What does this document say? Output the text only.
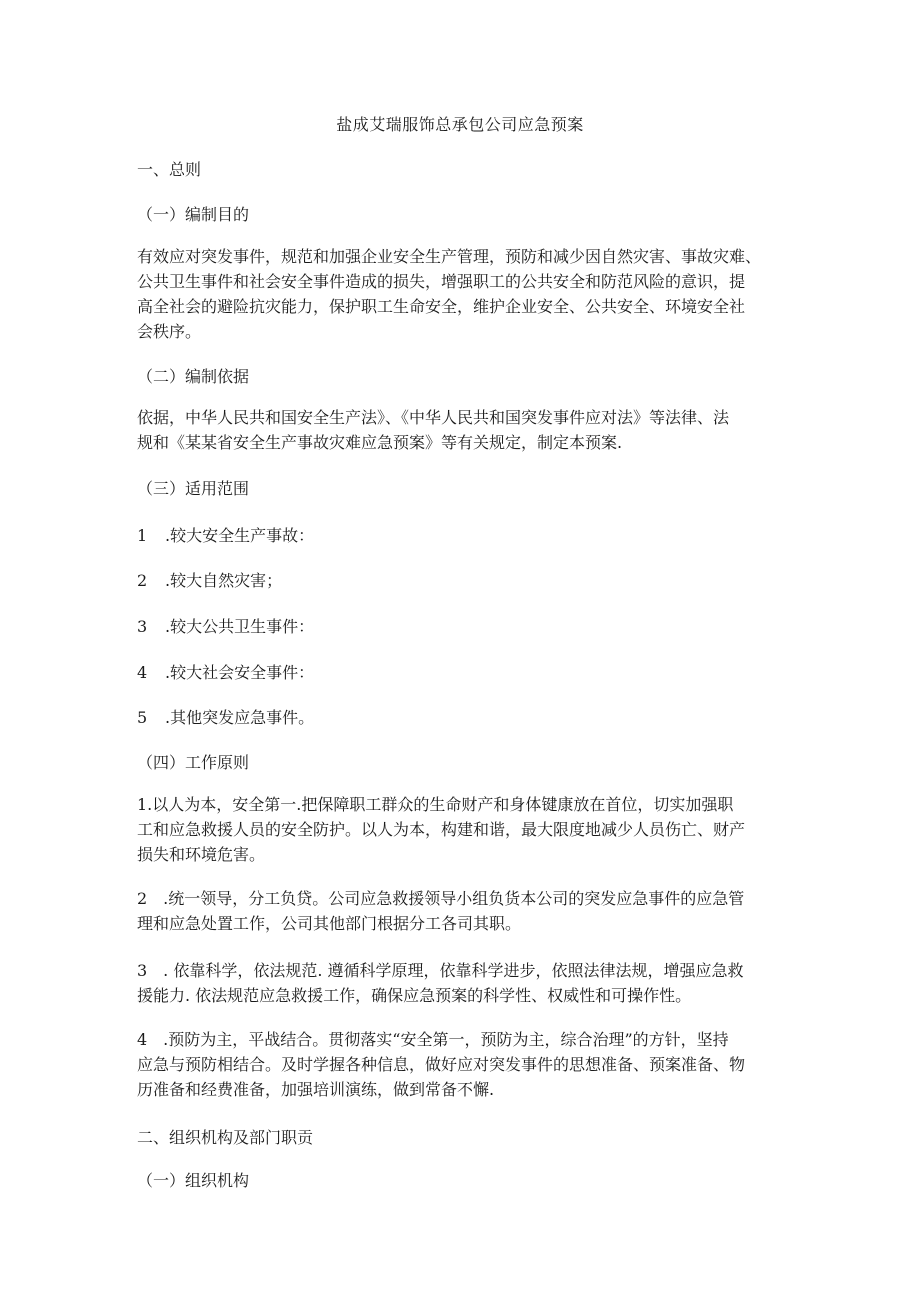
盐成艾瑞服饰总承包公司应急预案
一、总则
（一）编制目的
有效应对突发事件，规范和加强企业安全生产管理，预防和减少因自然灾害、事故灾难、
公共卫生事件和社会安全事件造成的损失，增强职工的公共安全和防范风险的意识，提
高全社会的避险抗灾能力，保护职工生命安全，维护企业安全、公共安全、环境安全社
会秩序。
（二）编制依据
依据，中华人民共和国安全生产法》、《中华人民共和国突发事件应对法》等法律、法
规和《某某省安全生产事故灾难应急预案》等有关规定，制定本预案.
（三）适用范围
1 .较大安全生产事故：
2 .较大自然灾害；
3 .较大公共卫生事件：
4 .较大社会安全事件：
5 .其他突发应急事件。
（四）工作原则
1.以人为本，安全第一.把保障职工群众的生命财产和身体键康放在首位，切实加强职
工和应急救援人员的安全防护。以人为本，构建和谐，最大限度地减少人员伤亡、财产
损失和环境危害。
2　.统一领导，分工负贷。公司应急救援领导小组负货本公司的突发应急事件的应急管
理和应急处置工作，公司其他部门根据分工各司其职。
3　. 依靠科学，依法规范. 遵循科学原理，依靠科学进步，依照法律法规，增强应急救
援能力. 依法规范应急救援工作，确保应急预案的科学性、权威性和可操作性。
4　.预防为主，平战结合。贯彻落实“安全第一，预防为主，综合治理”的方针，坚持
应急与预防相结合。及时学握各种信息，做好应对突发事件的思想准备、预案准备、物
历准备和经费准备，加强培训演练，做到常备不懈.
二、组织机构及部门职贡
（一）组织机构
